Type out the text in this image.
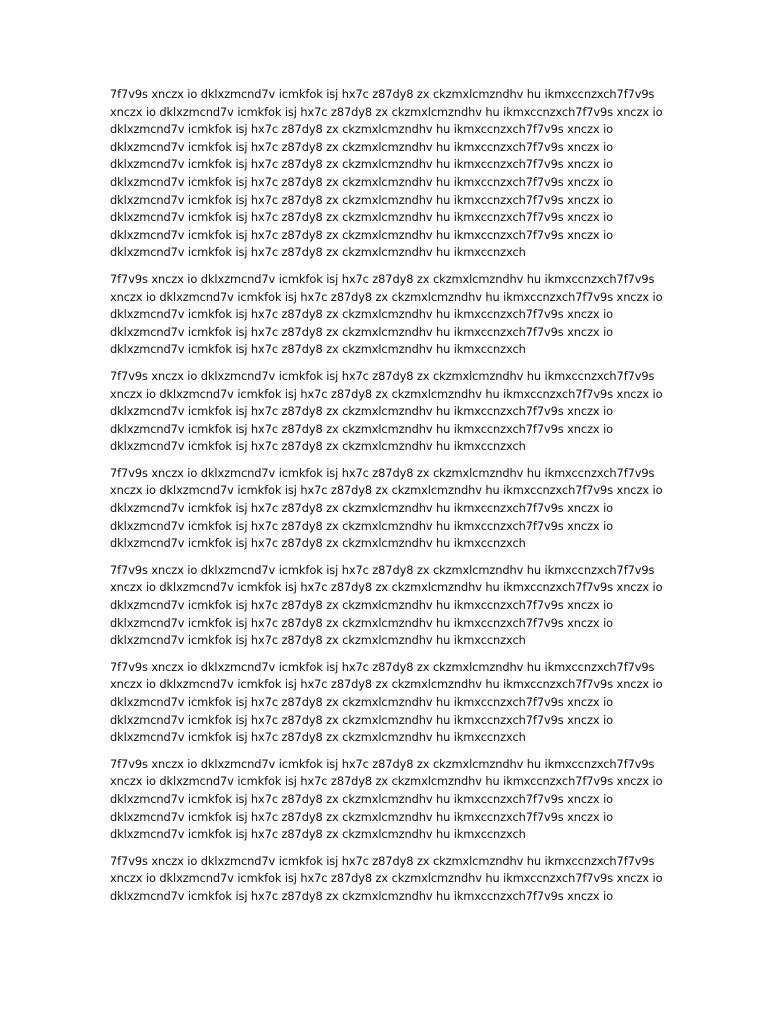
7f7v9s xnczx io dklxzmcnd7v icmkfok isj hx7c z87dy8 zx ckzmxlcmzndhv hu ikmxccnzxch7f7v9s
xnczx io dklxzmcnd7v icmkfok isj hx7c z87dy8 zx ckzmxlcmzndhv hu ikmxccnzxch7f7v9s xnczx io
dklxzmcnd7v icmkfok isj hx7c z87dy8 zx ckzmxlcmzndhv hu ikmxccnzxch7f7v9s xnczx io
dklxzmcnd7v icmkfok isj hx7c z87dy8 zx ckzmxlcmzndhv hu ikmxccnzxch7f7v9s xnczx io
dklxzmcnd7v icmkfok isj hx7c z87dy8 zx ckzmxlcmzndhv hu ikmxccnzxch7f7v9s xnczx io
dklxzmcnd7v icmkfok isj hx7c z87dy8 zx ckzmxlcmzndhv hu ikmxccnzxch7f7v9s xnczx io
dklxzmcnd7v icmkfok isj hx7c z87dy8 zx ckzmxlcmzndhv hu ikmxccnzxch7f7v9s xnczx io
dklxzmcnd7v icmkfok isj hx7c z87dy8 zx ckzmxlcmzndhv hu ikmxccnzxch7f7v9s xnczx io
dklxzmcnd7v icmkfok isj hx7c z87dy8 zx ckzmxlcmzndhv hu ikmxccnzxch7f7v9s xnczx io
dklxzmcnd7v icmkfok isj hx7c z87dy8 zx ckzmxlcmzndhv hu ikmxccnzxch

7f7v9s xnczx io dklxzmcnd7v icmkfok isj hx7c z87dy8 zx ckzmxlcmzndhv hu ikmxccnzxch7f7v9s
xnczx io dklxzmcnd7v icmkfok isj hx7c z87dy8 zx ckzmxlcmzndhv hu ikmxccnzxch7f7v9s xnczx io
dklxzmcnd7v icmkfok isj hx7c z87dy8 zx ckzmxlcmzndhv hu ikmxccnzxch7f7v9s xnczx io
dklxzmcnd7v icmkfok isj hx7c z87dy8 zx ckzmxlcmzndhv hu ikmxccnzxch7f7v9s xnczx io
dklxzmcnd7v icmkfok isj hx7c z87dy8 zx ckzmxlcmzndhv hu ikmxccnzxch

7f7v9s xnczx io dklxzmcnd7v icmkfok isj hx7c z87dy8 zx ckzmxlcmzndhv hu ikmxccnzxch7f7v9s
xnczx io dklxzmcnd7v icmkfok isj hx7c z87dy8 zx ckzmxlcmzndhv hu ikmxccnzxch7f7v9s xnczx io
dklxzmcnd7v icmkfok isj hx7c z87dy8 zx ckzmxlcmzndhv hu ikmxccnzxch7f7v9s xnczx io
dklxzmcnd7v icmkfok isj hx7c z87dy8 zx ckzmxlcmzndhv hu ikmxccnzxch7f7v9s xnczx io
dklxzmcnd7v icmkfok isj hx7c z87dy8 zx ckzmxlcmzndhv hu ikmxccnzxch

7f7v9s xnczx io dklxzmcnd7v icmkfok isj hx7c z87dy8 zx ckzmxlcmzndhv hu ikmxccnzxch7f7v9s
xnczx io dklxzmcnd7v icmkfok isj hx7c z87dy8 zx ckzmxlcmzndhv hu ikmxccnzxch7f7v9s xnczx io
dklxzmcnd7v icmkfok isj hx7c z87dy8 zx ckzmxlcmzndhv hu ikmxccnzxch7f7v9s xnczx io
dklxzmcnd7v icmkfok isj hx7c z87dy8 zx ckzmxlcmzndhv hu ikmxccnzxch7f7v9s xnczx io
dklxzmcnd7v icmkfok isj hx7c z87dy8 zx ckzmxlcmzndhv hu ikmxccnzxch

7f7v9s xnczx io dklxzmcnd7v icmkfok isj hx7c z87dy8 zx ckzmxlcmzndhv hu ikmxccnzxch7f7v9s
xnczx io dklxzmcnd7v icmkfok isj hx7c z87dy8 zx ckzmxlcmzndhv hu ikmxccnzxch7f7v9s xnczx io
dklxzmcnd7v icmkfok isj hx7c z87dy8 zx ckzmxlcmzndhv hu ikmxccnzxch7f7v9s xnczx io
dklxzmcnd7v icmkfok isj hx7c z87dy8 zx ckzmxlcmzndhv hu ikmxccnzxch7f7v9s xnczx io
dklxzmcnd7v icmkfok isj hx7c z87dy8 zx ckzmxlcmzndhv hu ikmxccnzxch

7f7v9s xnczx io dklxzmcnd7v icmkfok isj hx7c z87dy8 zx ckzmxlcmzndhv hu ikmxccnzxch7f7v9s
xnczx io dklxzmcnd7v icmkfok isj hx7c z87dy8 zx ckzmxlcmzndhv hu ikmxccnzxch7f7v9s xnczx io
dklxzmcnd7v icmkfok isj hx7c z87dy8 zx ckzmxlcmzndhv hu ikmxccnzxch7f7v9s xnczx io
dklxzmcnd7v icmkfok isj hx7c z87dy8 zx ckzmxlcmzndhv hu ikmxccnzxch7f7v9s xnczx io
dklxzmcnd7v icmkfok isj hx7c z87dy8 zx ckzmxlcmzndhv hu ikmxccnzxch

7f7v9s xnczx io dklxzmcnd7v icmkfok isj hx7c z87dy8 zx ckzmxlcmzndhv hu ikmxccnzxch7f7v9s
xnczx io dklxzmcnd7v icmkfok isj hx7c z87dy8 zx ckzmxlcmzndhv hu ikmxccnzxch7f7v9s xnczx io
dklxzmcnd7v icmkfok isj hx7c z87dy8 zx ckzmxlcmzndhv hu ikmxccnzxch7f7v9s xnczx io
dklxzmcnd7v icmkfok isj hx7c z87dy8 zx ckzmxlcmzndhv hu ikmxccnzxch7f7v9s xnczx io
dklxzmcnd7v icmkfok isj hx7c z87dy8 zx ckzmxlcmzndhv hu ikmxccnzxch

7f7v9s xnczx io dklxzmcnd7v icmkfok isj hx7c z87dy8 zx ckzmxlcmzndhv hu ikmxccnzxch7f7v9s
xnczx io dklxzmcnd7v icmkfok isj hx7c z87dy8 zx ckzmxlcmzndhv hu ikmxccnzxch7f7v9s xnczx io
dklxzmcnd7v icmkfok isj hx7c z87dy8 zx ckzmxlcmzndhv hu ikmxccnzxch7f7v9s xnczx io
